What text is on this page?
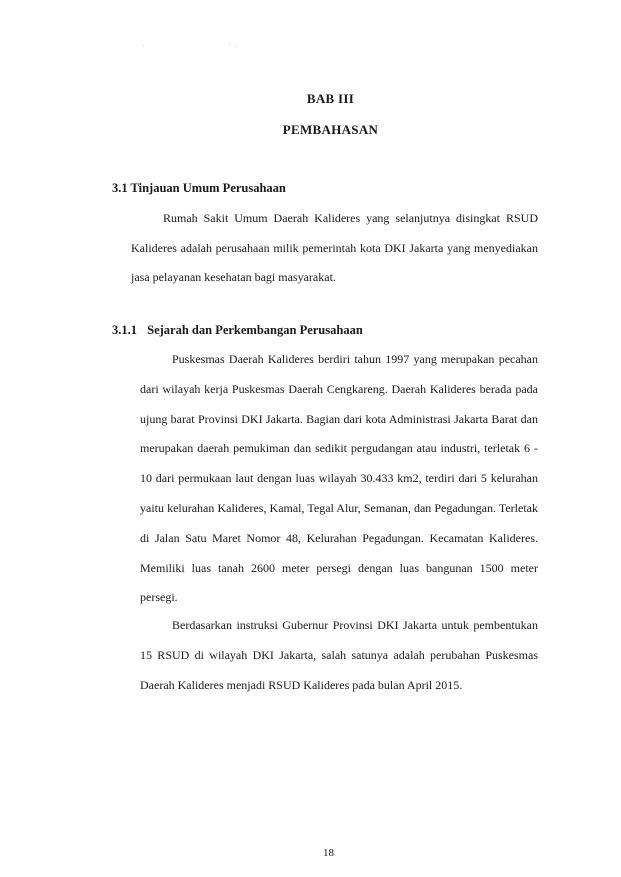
BAB III
PEMBAHASAN
3.1 Tinjauan Umum Perusahaan

Rumah Sakit Umum Daerah Kalideres yang selanjutnya disingkat RSUD Kalideres adalah perusahaan milik pemerintah kota DKI Jakarta yang menyediakan jasa pelayanan kesehatan bagi masyarakat.

3.1.1 Sejarah dan Perkembangan Perusahaan

Puskesmas Daerah Kalideres berdiri tahun 1997 yang merupakan pecahan dari wilayah kerja Puskesmas Daerah Cengkareng. Daerah Kalideres berada pada ujung barat Provinsi DKI Jakarta. Bagian dari kota Administrasi Jakarta Barat dan merupakan daerah pemukiman dan sedikit pergudangan atau industri, terletak 6 - 10 dari permukaan laut dengan luas wilayah 30.433 km2, terdiri dari 5 kelurahan yaitu kelurahan Kalideres, Kamal, Tegal Alur, Semanan, dan Pegadungan. Terletak di Jalan Satu Maret Nomor 48, Kelurahan Pegadungan. Kecamatan Kalideres. Memiliki luas tanah 2600 meter persegi dengan luas bangunan 1500 meter persegi.

Berdasarkan instruksi Gubernur Provinsi DKI Jakarta untuk pembentukan 15 RSUD di wilayah DKI Jakarta, salah satunya adalah perubahan Puskesmas Daerah Kalideres menjadi RSUD Kalideres pada bulan April 2015.

18
